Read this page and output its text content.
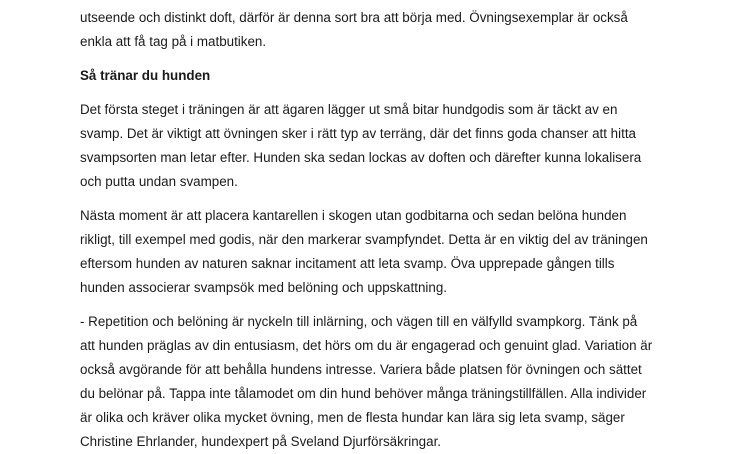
utseende och distinkt doft, därför är denna sort bra att börja med. Övningsexemplar är också
enkla att få tag på i matbutiken.

Så tränar du hunden

Det första steget i träningen är att ägaren lägger ut små bitar hundgodis som är täckt av en
svamp. Det är viktigt att övningen sker i rätt typ av terräng, där det finns goda chanser att hitta
svampsorten man letar efter. Hunden ska sedan lockas av doften och därefter kunna lokalisera
och putta undan svampen.

Nästa moment är att placera kantarellen i skogen utan godbitarna och sedan belöna hunden
rikligt, till exempel med godis, när den markerar svampfyndet. Detta är en viktig del av träningen
eftersom hunden av naturen saknar incitament att leta svamp. Öva upprepade gången tills
hunden associerar svampsök med belöning och uppskattning.

- Repetition och belöning är nyckeln till inlärning, och vägen till en välfylld svampkorg. Tänk på
att hunden präglas av din entusiasm, det hörs om du är engagerad och genuint glad. Variation är
också avgörande för att behålla hundens intresse. Variera både platsen för övningen och sättet
du belönar på. Tappa inte tålamodet om din hund behöver många träningstillfällen. Alla individer
är olika och kräver olika mycket övning, men de flesta hundar kan lära sig leta svamp, säger
Christine Ehrlander, hundexpert på Sveland Djurförsäkringar.
